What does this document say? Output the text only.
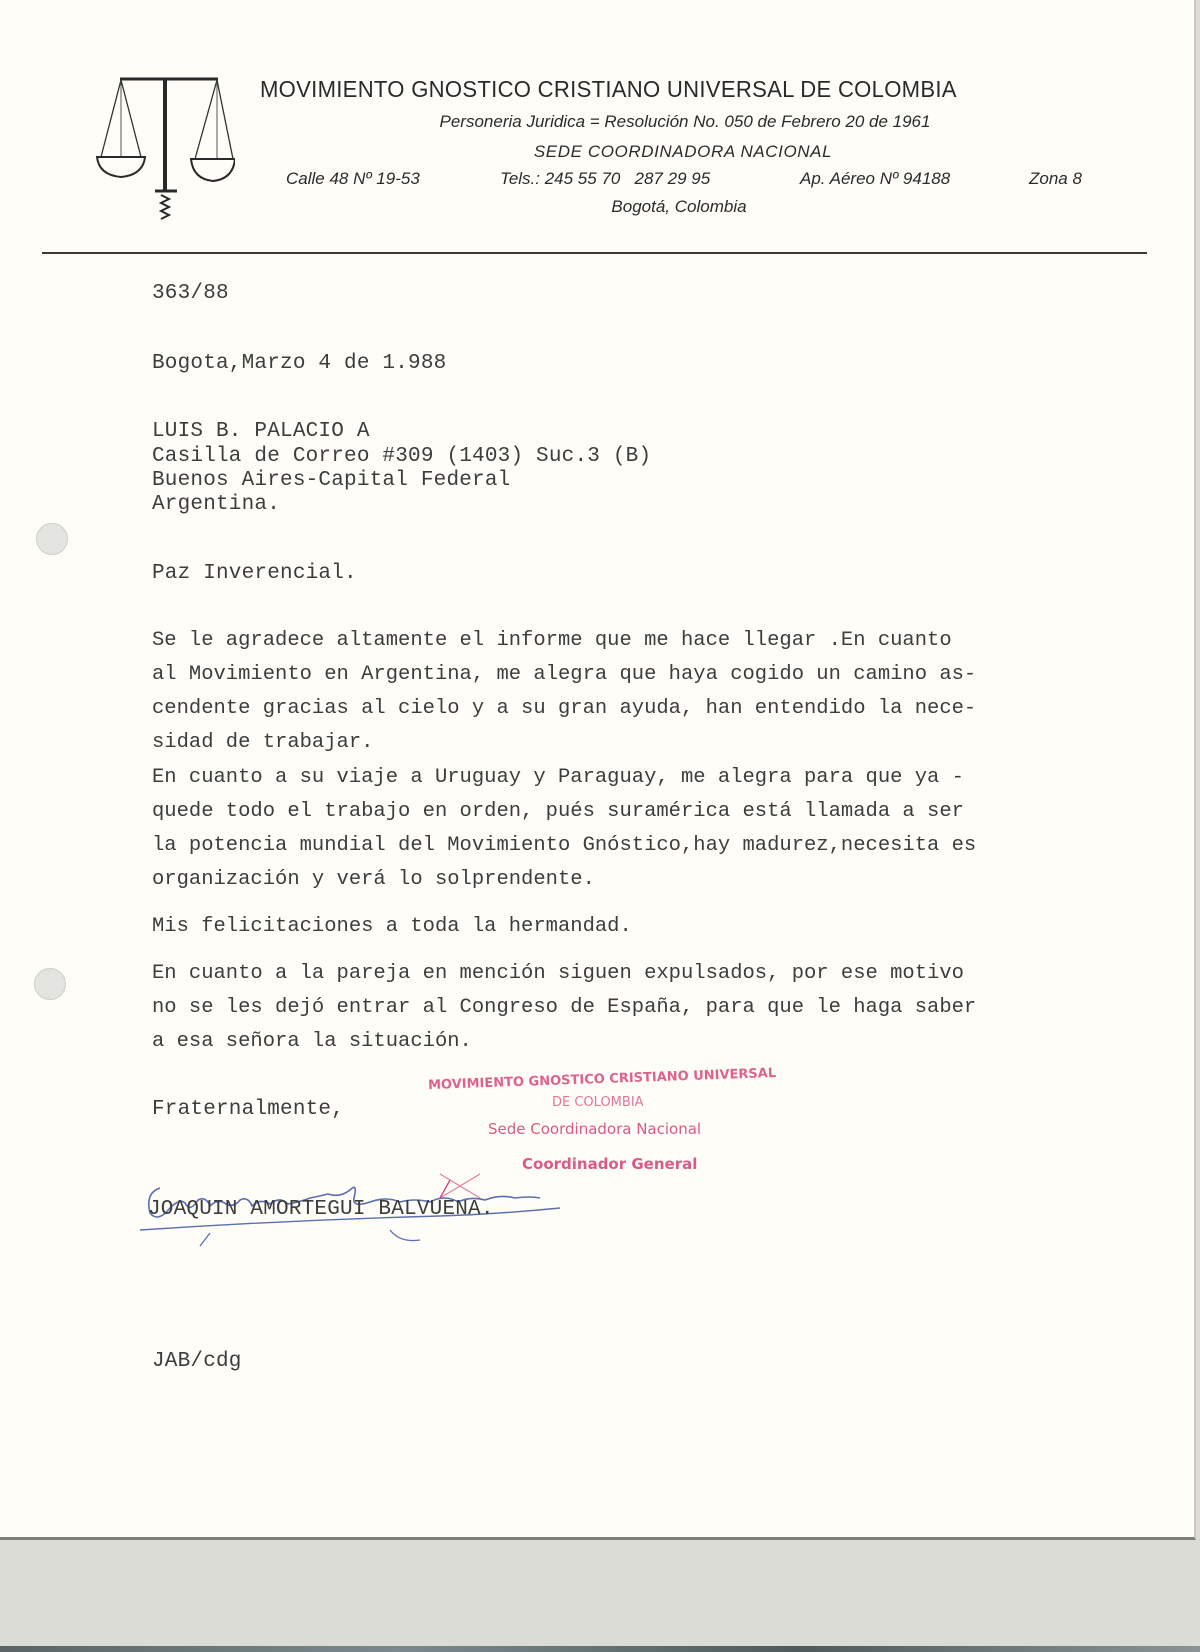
MOVIMIENTO GNOSTICO CRISTIANO UNIVERSAL DE COLOMBIA
Personeria Juridica = Resolución No. 050 de Febrero 20 de 1961
SEDE COORDINADORA NACIONAL
Calle 48 Nº 19-53	Tels.: 245 55 70   287 29 95	Ap. Aéreo Nº 94188	Zona 8
Bogotá, Colombia
363/88
Bogota,Marzo 4 de 1.988
LUIS B. PALACIO A
Casilla de Correo #309 (1403) Suc.3 (B)
Buenos Aires-Capital Federal
Argentina.
Paz Inverencial.
Se le agradece altamente el informe que me hace llegar .En cuanto
al Movimiento en Argentina, me alegra que haya cogido un camino as-
cendente gracias al cielo y a su gran ayuda, han entendido la nece-
sidad de trabajar.
En cuanto a su viaje a Uruguay y Paraguay, me alegra para que ya -
quede todo el trabajo en orden, pués suramérica está llamada a ser
la potencia mundial del Movimiento Gnóstico,hay madurez,necesita es
organización y verá lo solprendente.
Mis felicitaciones a toda la hermandad.
En cuanto a la pareja en mención siguen expulsados, por ese motivo
no se les dejó entrar al Congreso de España, para que le haga saber
a esa señora la situación.
Fraternalmente,
MOVIMIENTO GNOSTICO CRISTIANO UNIVERSAL
DE COLOMBIA
Sede Coordinadora Nacional
Coordinador General
JOAQUIN AMORTEGUI BALVUENA.
JAB/cdg
